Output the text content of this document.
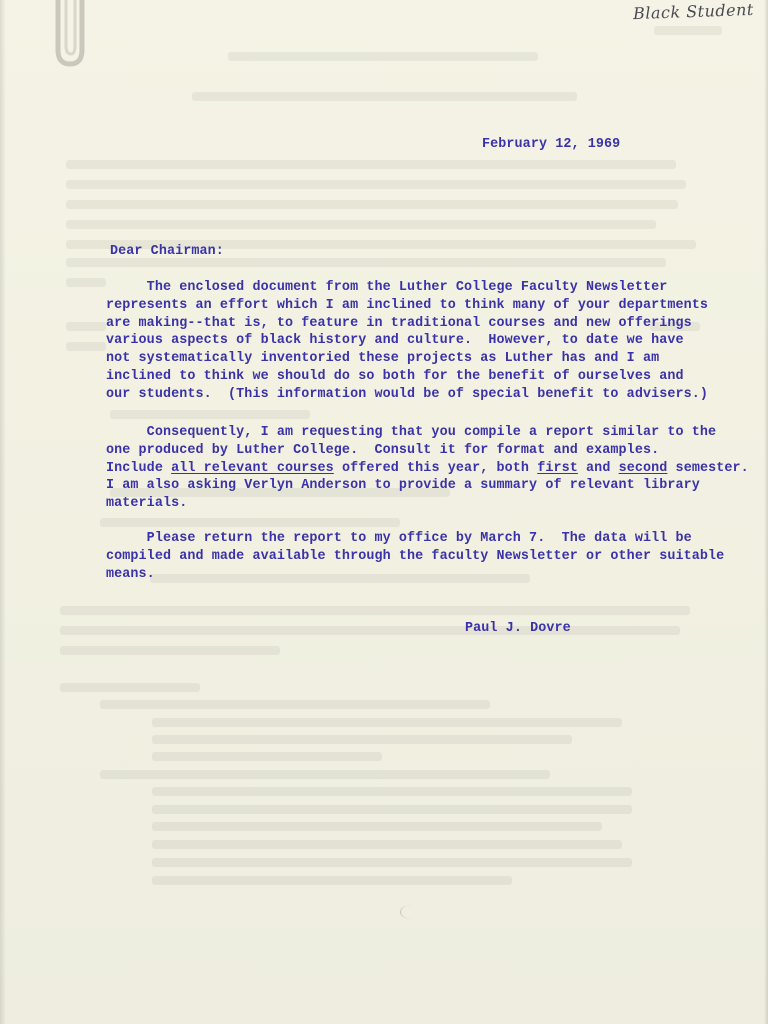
Black Student
February 12, 1969
Dear Chairman:

The enclosed document from the Luther College Faculty Newsletter

represents an effort which I am inclined to think many of your departments

are making--that is, to feature in traditional courses and new offerings

various aspects of black history and culture.  However, to date we have

not systematically inventoried these projects as Luther has and I am

inclined to think we should do so both for the benefit of ourselves and

our students.  (This information would be of special benefit to advisers.)

Consequently, I am requesting that you compile a report similar to the

one produced by Luther College.  Consult it for format and examples.

Include all relevant courses offered this year, both first and second semester.

I am also asking Verlyn Anderson to provide a summary of relevant library

materials.

Please return the report to my office by March 7.  The data will be

compiled and made available through the faculty Newsletter or other suitable

means.

Paul J. Dovre
